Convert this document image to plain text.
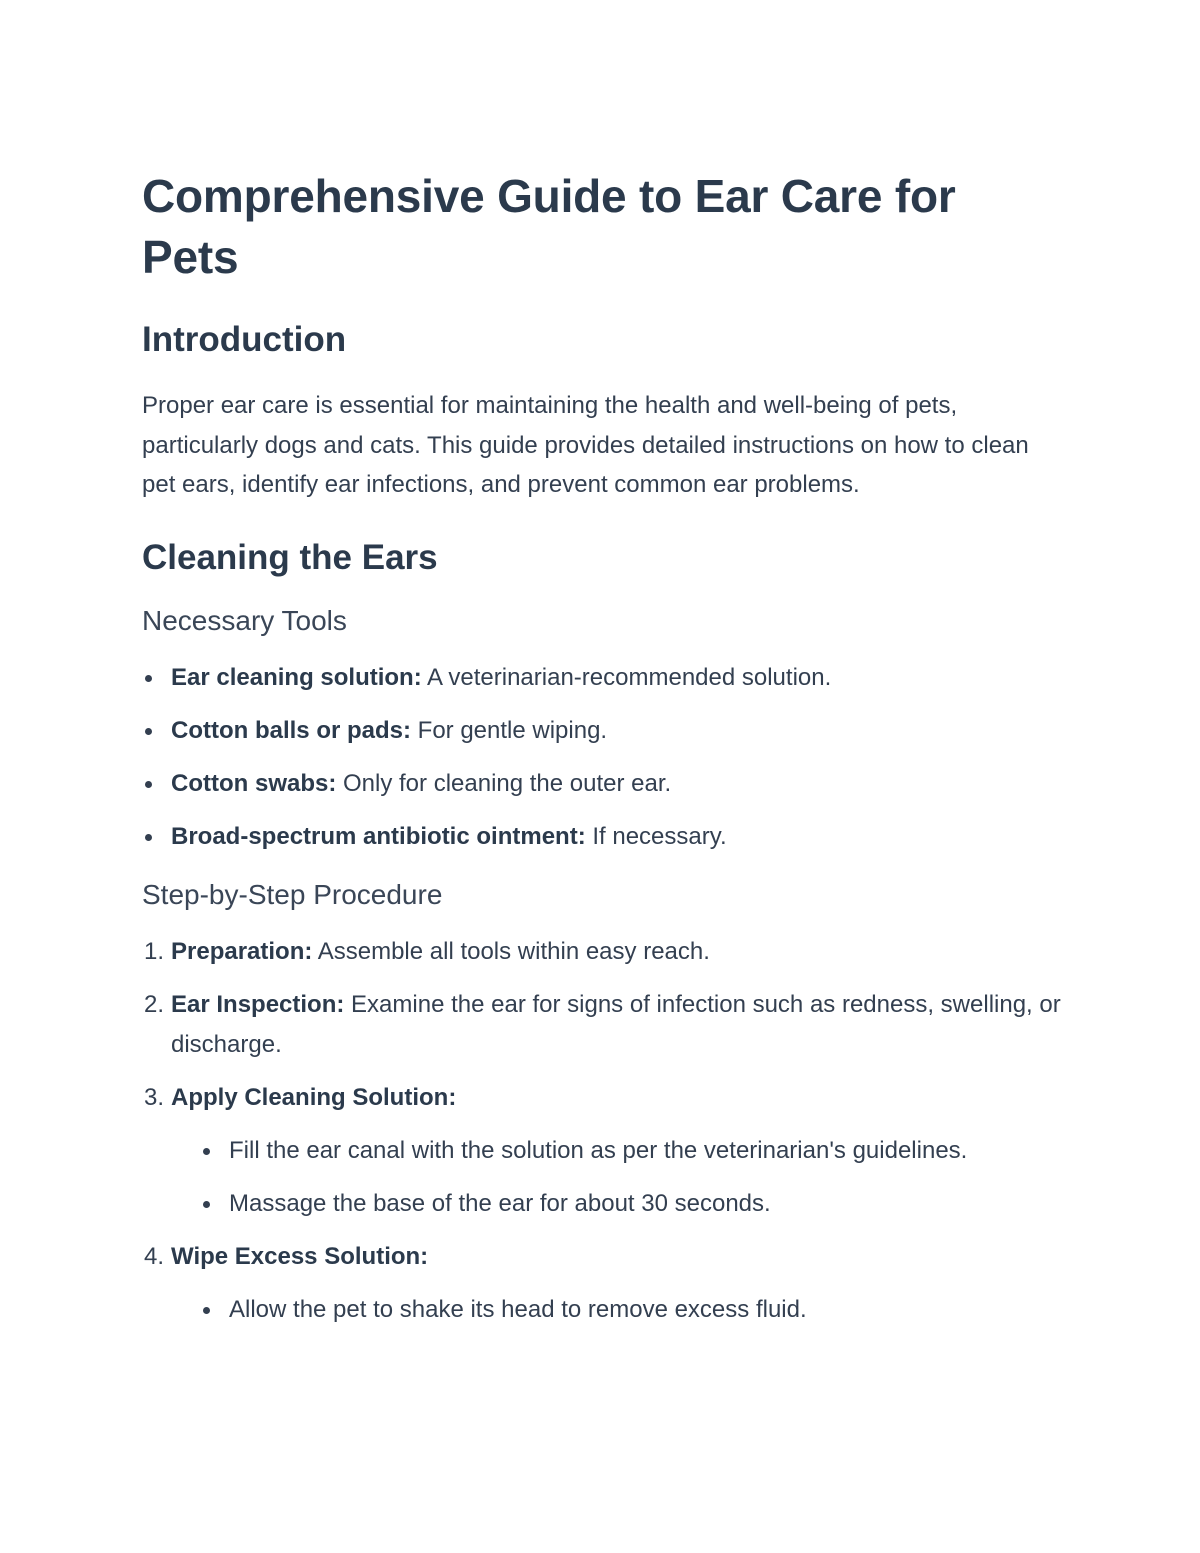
Comprehensive Guide to Ear Care for Pets
Introduction

Proper ear care is essential for maintaining the health and well-being of pets, particularly dogs and cats. This guide provides detailed instructions on how to clean pet ears, identify ear infections, and prevent common ear problems.

Cleaning the Ears
Necessary Tools
Ear cleaning solution: A veterinarian-recommended solution.
Cotton balls or pads: For gentle wiping.
Cotton swabs: Only for cleaning the outer ear.
Broad-spectrum antibiotic ointment: If necessary.
Step-by-Step Procedure
1. Preparation: Assemble all tools within easy reach.
2. Ear Inspection: Examine the ear for signs of infection such as redness, swelling, or discharge.
3. Apply Cleaning Solution:
Fill the ear canal with the solution as per the veterinarian's guidelines.
Massage the base of the ear for about 30 seconds.
4. Wipe Excess Solution:
Allow the pet to shake its head to remove excess fluid.
